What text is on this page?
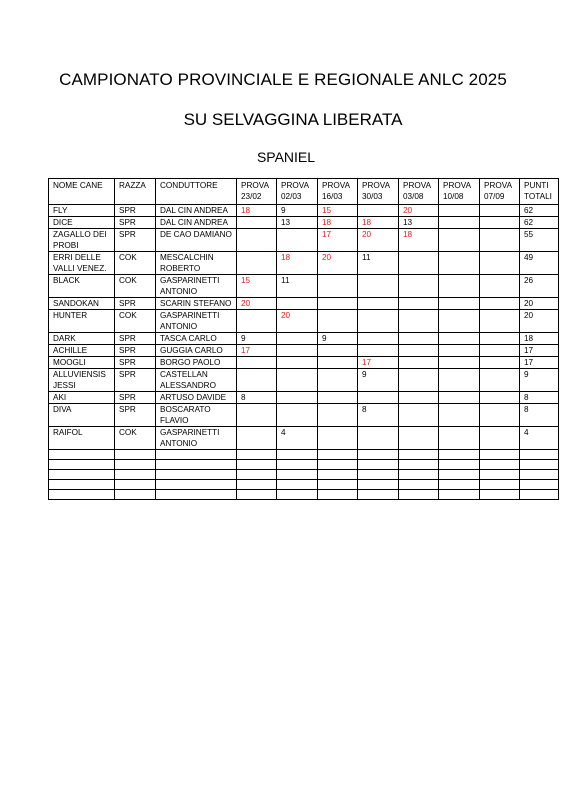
CAMPIONATO PROVINCIALE E REGIONALE ANLC 2025
SU SELVAGGINA LIBERATA
SPANIEL
NOME CANE	RAZZA	CONDUTTORE	PROVA 23/02	PROVA 02/03	PROVA 16/03	PROVA 30/03	PROVA 03/08	PROVA 10/08	PROVA 07/09	PUNTI TOTALI
FLY	SPR	DAL CIN ANDREA	18	9	15		20			62
DICE	SPR	DAL CIN ANDREA		13	18	18	13			62
ZAGALLO DEI PROBI	SPR	DE CAO DAMIANO			17	20	18			55
ERRI DELLE VALLI VENEZ.	COK	MESCALCHIN ROBERTO		18	20	11				49
BLACK	COK	GASPARINETTI ANTONIO	15	11						26
SANDOKAN	SPR	SCARIN STEFANO	20							20
HUNTER	COK	GASPARINETTI ANTONIO		20						20
DARK	SPR	TASCA CARLO	9		9					18
ACHILLE	SPR	GUGGIA CARLO	17							17
MOOGLI	SPR	BORGO PAOLO				17				17
ALLUVIENSIS JESSI	SPR	CASTELLAN ALESSANDRO				9				9
AKI	SPR	ARTUSO DAVIDE	8							8
DIVA	SPR	BOSCARATO FLAVIO				8				8
RAIFOL	COK	GASPARINETTI ANTONIO		4						4
